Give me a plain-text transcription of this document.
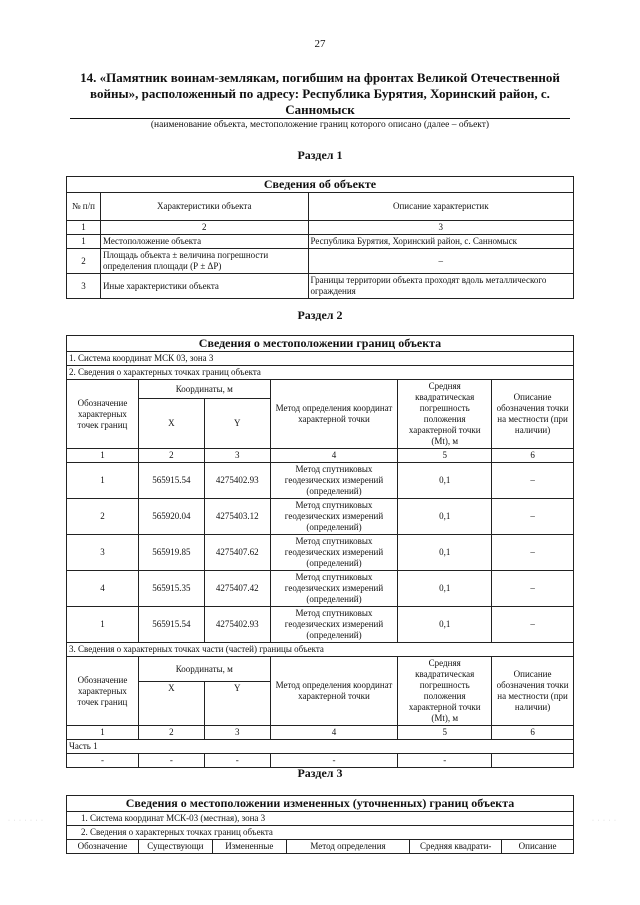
27
14. «Памятник воинам-землякам, погибшим на фронтах Великой Отечественной войны», расположенный по адресу: Республика Бурятия, Хоринский район, с. Санномыск
(наименование объекта, местоположение границ которого описано (далее – объект)
Раздел 1
Сведения об объекте		
№ п/п	Характеристики объекта	Описание характеристик
1	2	3
1	Местоположение объекта	Республика Бурятия, Хоринский район, с. Санномыск
2	Площадь объекта ± величина погрешности определения площади (Р ± ΔР)	–
3	Иные характеристики объекта	Границы территории объекта проходят вдоль металлического ограждения
Раздел 2
Сведения о местоположении границ объекта					
1. Система координат МСК 03, зона 3					
2. Сведения о характерных точках границ объекта					
Обозначение характерных точек границ	Координаты, м		Метод определения координат характерной точки	Средняя квадратическая погрешность положения характерной точки (Mt), м	Описание обозначения точки на местности (при наличии)
	X	Y			
1	2	3	4	5	6
1	565915.54	4275402.93	Метод спутниковых геодезических измерений (определений)	0,1	–
2	565920.04	4275403.12	Метод спутниковых геодезических измерений (определений)	0,1	–
3	565919.85	4275407.62	Метод спутниковых геодезических измерений (определений)	0,1	–
4	565915.35	4275407.42	Метод спутниковых геодезических измерений (определений)	0,1	–
1	565915.54	4275402.93	Метод спутниковых геодезических измерений (определений)	0,1	–
3. Сведения о характерных точках части (частей) границы объекта					
Обозначение характерных точек границ	Координаты, м		Метод определения координат характерной точки	Средняя квадратическая погрешность положения характерной точки (Mt), м	Описание обозначения точки на местности (при наличии)
	X	Y			
1	2	3	4	5	6
Часть 1					
-	-	-	-	-	
Раздел 3
Сведения о местоположении измененных (уточненных) границ объекта
1. Система координат МСК-03 (местная), зона 3
2. Сведения о характерных точках границ объекта
Обозначение	Существующи	Измененные	Метод определения	Средняя квадрати-	Описание
· · · · · · ·	· · · · ·
